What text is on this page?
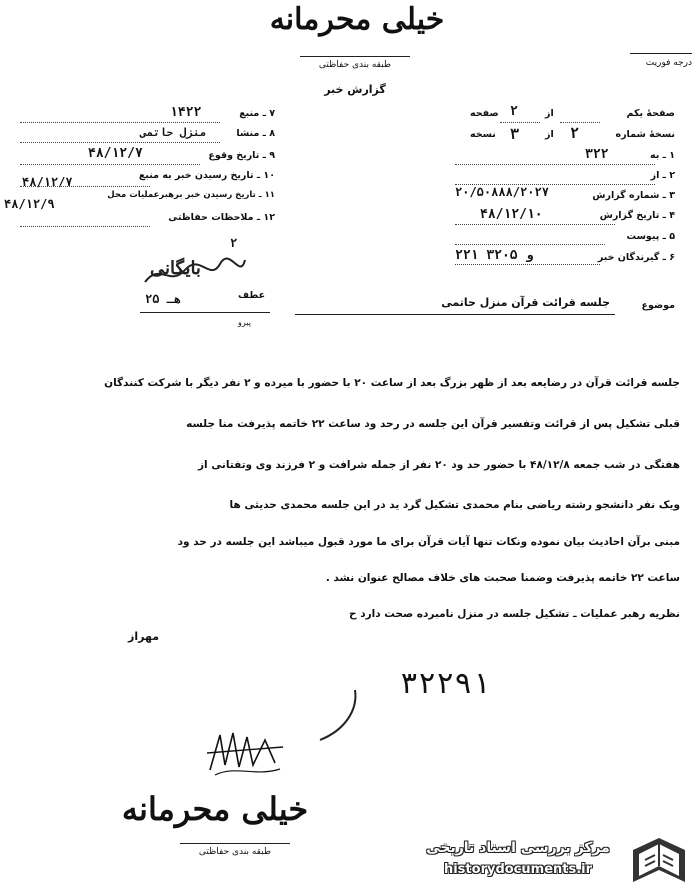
خیلی محرمانه
طبقه بندی حفاظتی
گزارش خبر
درجه فوریت
۷ ـ منبع
۱۴۲۲
۸ ـ منشا
منزل حاتمی
۹ ـ تاریخ وقوع
۴۸/۱۲/۷
۱۰ ـ تاریخ رسیدن خبر به منبع
۴۸/۱۲/۷
۱۱ ـ تاریخ رسیدن خبر برهبرعملیات محل
۴۸/۱۲/۹
۱۲ ـ ملاحظات حفاظتی
۲
بایگانی
صفحهٔ یکم
از
صفحه ۲
نسخهٔ شماره
۲
از
۳
نسخه
۱ ـ به
۳۲۲
۲ ـ از
۳ ـ شماره گزارش
۲۰/۵۰۸۸۸/۲۰۲۷
۴ ـ تاریخ گزارش
۴۸/۱۲/۱۰
۵ ـ پیوست
۶ ـ گیرندگان خبر
۲۲۱ و ۳۲۰۵
عطف
پیرو
۲۵ هـ	موضوع
جلسه قرائت قرآن منزل حاتمی
جلسه قرائت قرآن در رضایعه بعد از ظهر بزرگ بعد از ساعت ۲۰ با حضور با میرده و ۲ نفر دیگر با شرکت کنندگان
قبلی تشکیل پس از قرائت وتفسیر قرآن این جلسه در رحد ود ساعت ۲۲ خاتمه پذیرفت منا جلسه
هفتگی در شب جمعه ۴۸/۱۲/۸ با حضور حد ود ۲۰ نفر از جمله شرافت و ۲ فرزند وی وتفتانی از
ویک نفر دانشجو رشته ریاضی بنام محمدی تشکیل گرد ید در این جلسه محمدی حدیثی ها
مبنی برآن احادیث بیان نموده ونکات تنها آیات قرآن برای ما مورد قبول میباشد این جلسه در حد ود
ساعت ۲۲ خاتمه پذیرفت وضمنا صحبت های خلاف مصالح عنوان نشد .
نظریه رهبر عملیات ـ تشکیل جلسه در منزل نامبرده صحت دارد ح
مهراز
۳۲۲۹۱
خیلی محرمانه
طبقه بندی حفاظتی	مرکز بررسی اسناد تاریخی
historydocuments.ir
